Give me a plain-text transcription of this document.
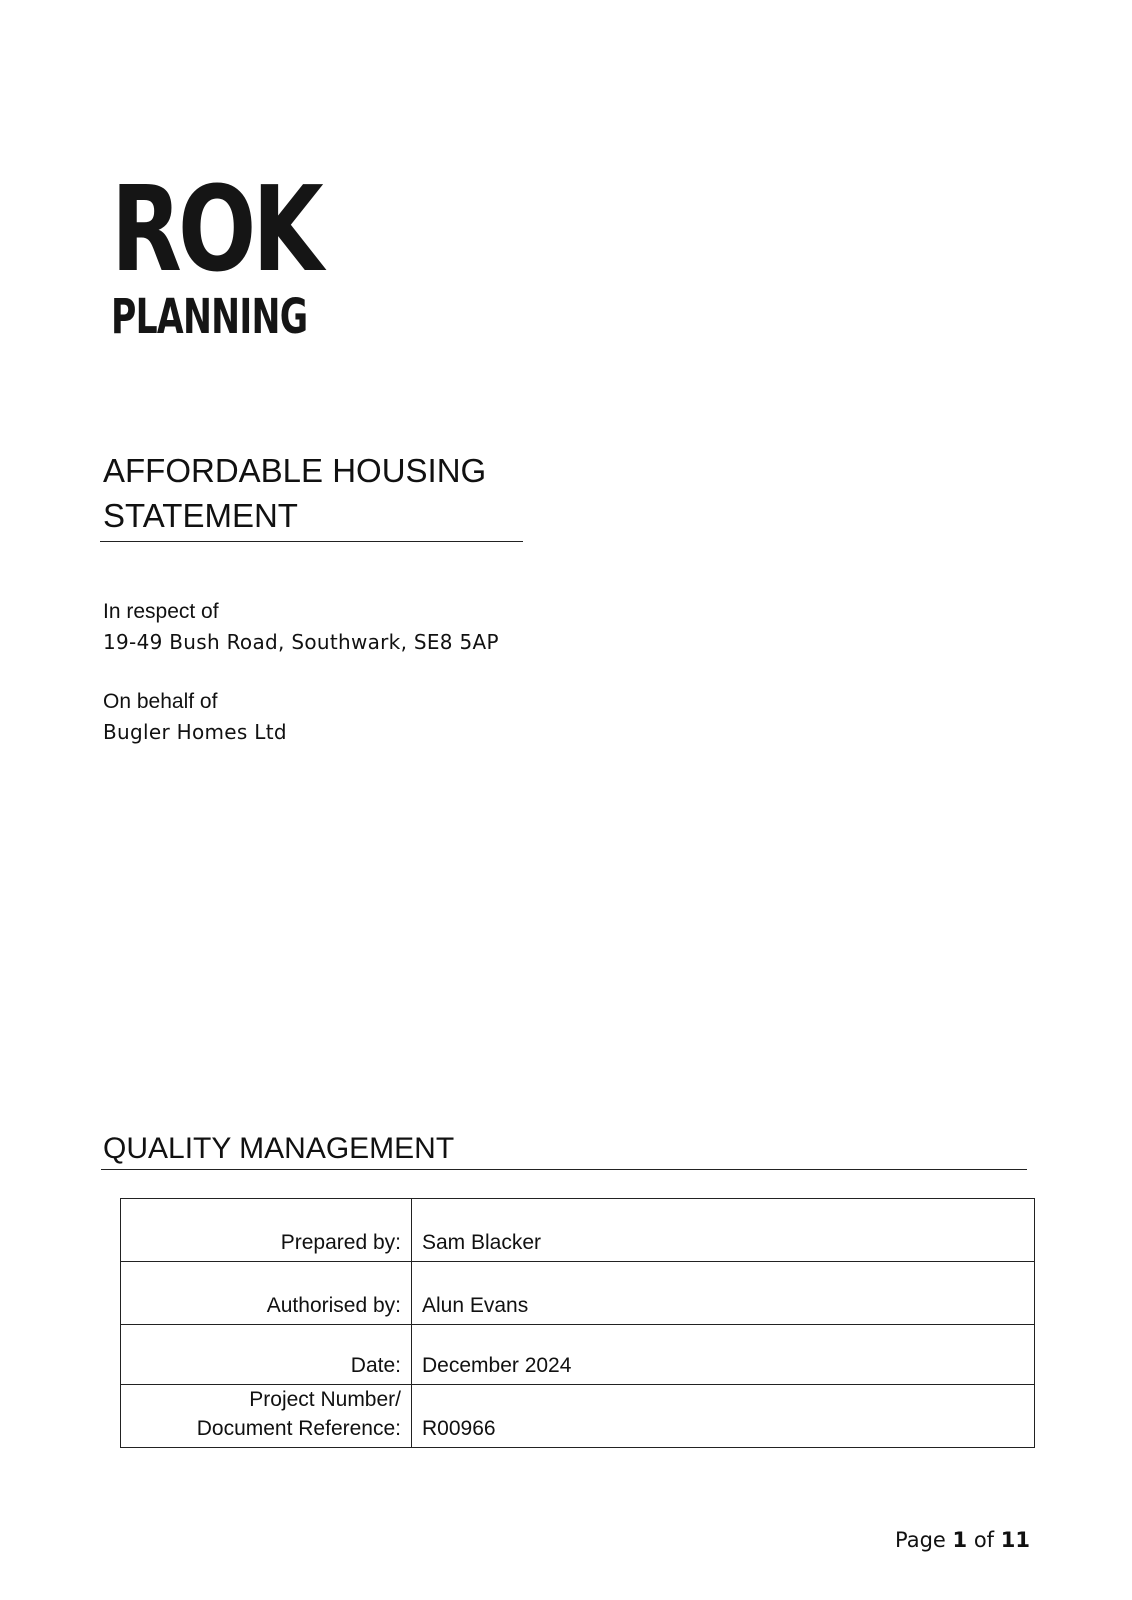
ROK
PLANNING
AFFORDABLE HOUSING
STATEMENT
In respect of
19-49 Bush Road, Southwark, SE8 5AP
On behalf of
Bugler Homes Ltd
QUALITY MANAGEMENT
Prepared by:	Sam Blacker
Authorised by:	Alun Evans
Date:	December 2024

Project Number/
Document Reference:	R00966
Page 1 of 11
